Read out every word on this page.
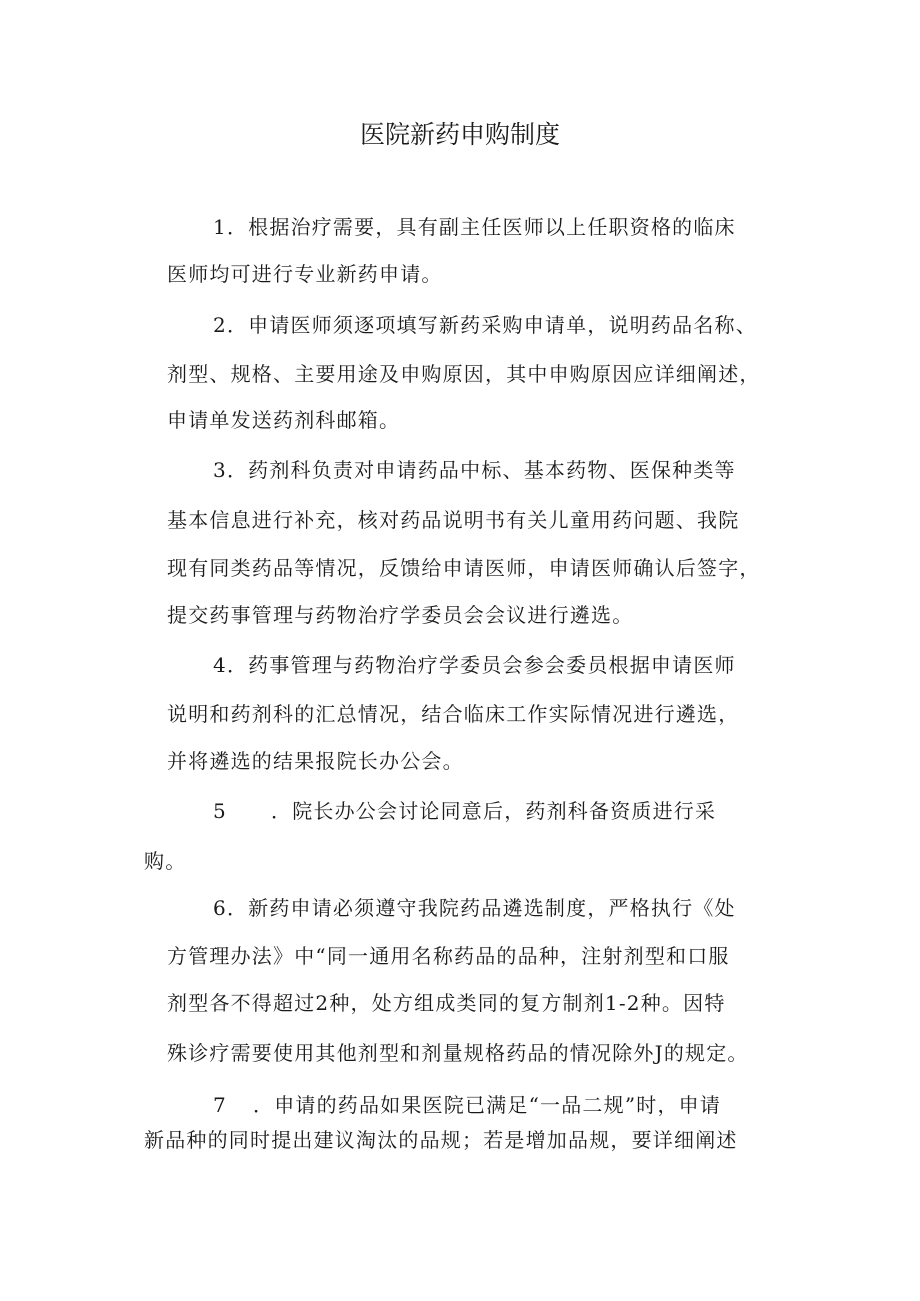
医院新药申购制度
1．根据治疗需要，具有副主任医师以上任职资格的临床
医师均可进行专业新药申请。
2．申请医师须逐项填写新药采购申请单，说明药品名称、
剂型、规格、主要用途及申购原因，其中申购原因应详细阐述，
申请单发送药剂科邮箱。
3．药剂科负责对申请药品中标、基本药物、医保种类等
基本信息进行补充，核对药品说明书有关儿童用药问题、我院
现有同类药品等情况，反馈给申请医师，申请医师确认后签字，
提交药事管理与药物治疗学委员会会议进行遴选。
4．药事管理与药物治疗学委员会参会委员根据申请医师
说明和药剂科的汇总情况，结合临床工作实际情况进行遴选，
并将遴选的结果报院长办公会。
5 ．院长办公会讨论同意后，药剂科备资质进行采
购。
6．新药申请必须遵守我院药品遴选制度，严格执行《处
方管理办法》中“同一通用名称药品的品种，注射剂型和口服
剂型各不得超过2种，处方组成类同的复方制剂1-2种。因特
殊诊疗需要使用其他剂型和剂量规格药品的情况除外J的规定。
7 ．申请的药品如果医院已满足“一品二规”时，申请
新品种的同时提出建议淘汰的品规；若是增加品规，要详细阐述
